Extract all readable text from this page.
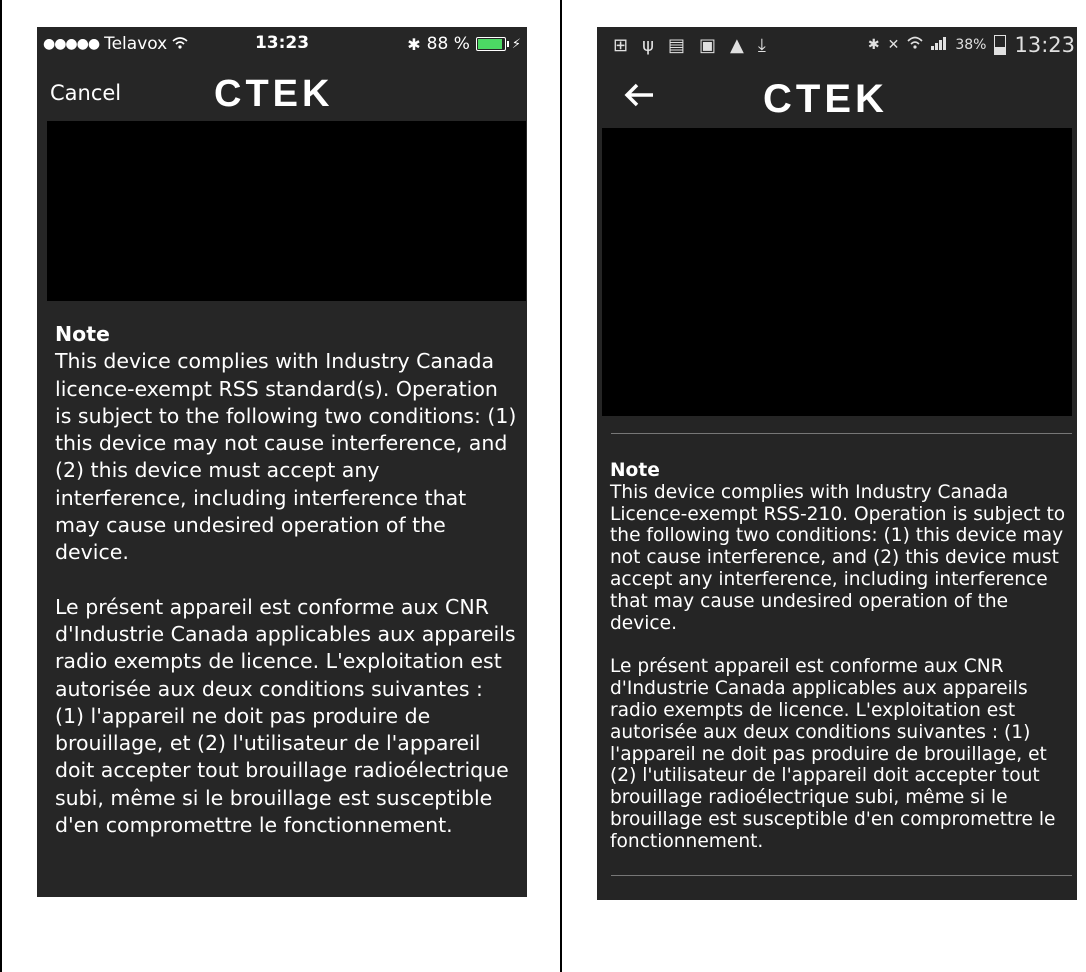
●●●●● Telavox	13:23	✱ 88 %	⚡
Cancel CTEK

Note

This device complies with Industry Canada licence-exempt RSS standard(s). Operation is subject to the following two conditions: (1) this device may not cause interference, and (2) this device must accept any interference, including interference that may cause undesired operation of the device.

Le présent appareil est conforme aux CNR d'Industrie Canada applicables aux appareils radio exempts de licence. L'exploitation est autorisée aux deux conditions suivantes : (1) l'appareil ne doit pas produire de brouillage, et (2) l'utilisateur de l'appareil doit accepter tout brouillage radioélectrique subi, même si le brouillage est susceptible d'en compromettre le fonctionnement.

⊞ ψ ▤ ▣ ▲ ⤓	✱ ✕	38% 13:23
CTEK

Note

This device complies with Industry Canada Licence-exempt RSS-210. Operation is subject to the following two conditions: (1) this device may not cause interference, and (2) this device must accept any interference, including interference that may cause undesired operation of the device.

Le présent appareil est conforme aux CNR d'Industrie Canada applicables aux appareils radio exempts de licence. L'exploitation est autorisée aux deux conditions suivantes : (1) l'appareil ne doit pas produire de brouillage, et (2) l'utilisateur de l'appareil doit accepter tout brouillage radioélectrique subi, même si le brouillage est susceptible d'en compromettre le fonctionnement.
